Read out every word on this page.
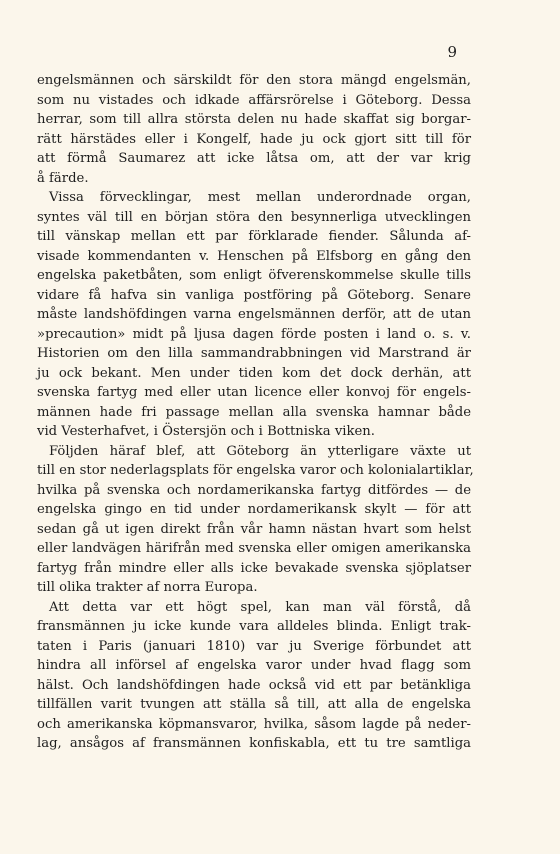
9
engelsmännen och särskildt för den stora mängd engelsmän,
som nu vistades och idkade affärsrörelse i Göteborg. Dessa
herrar, som till allra största delen nu hade skaffat sig borgar-
rätt härstädes eller i Kongelf, hade ju ock gjort sitt till för
att förmå Saumarez att icke låtsa om, att der var krig
å färde.
Vissa förvecklingar, mest mellan underordnade organ,
syntes väl till en början störa den besynnerliga utvecklingen
till vänskap mellan ett par förklarade fiender. Sålunda af-
visade kommendanten v. Henschen på Elfsborg en gång den
engelska paketbåten, som enligt öfverenskommelse skulle tills
vidare få hafva sin vanliga postföring på Göteborg. Senare
måste landshöfdingen varna engelsmännen derför, att de utan
»precaution» midt på ljusa dagen förde posten i land o. s. v.
Historien om den lilla sammandrabbningen vid Marstrand är
ju ock bekant. Men under tiden kom det dock derhän, att
svenska fartyg med eller utan licence eller konvoj för engels-
männen hade fri passage mellan alla svenska hamnar både
vid Vesterhafvet, i Östersjön och i Bottniska viken.
Följden häraf blef, att Göteborg än ytterligare växte ut
till en stor nederlagsplats för engelska varor och kolonialartiklar,
hvilka på svenska och nordamerikanska fartyg ditfördes — de
engelska gingo en tid under nordamerikansk skylt — för att
sedan gå ut igen direkt från vår hamn nästan hvart som helst
eller landvägen härifrån med svenska eller omigen amerikanska
fartyg från mindre eller alls icke bevakade svenska sjöplatser
till olika trakter af norra Europa.
Att detta var ett högt spel, kan man väl förstå, då
fransmännen ju icke kunde vara alldeles blinda. Enligt trak-
taten i Paris (januari 1810) var ju Sverige förbundet att
hindra all införsel af engelska varor under hvad flagg som
hälst. Och landshöfdingen hade också vid ett par betänkliga
tillfällen varit tvungen att ställa så till, att alla de engelska
och amerikanska köpmansvaror, hvilka, såsom lagde på neder-
lag, ansågos af fransmännen konfiskabla, ett tu tre samtliga
